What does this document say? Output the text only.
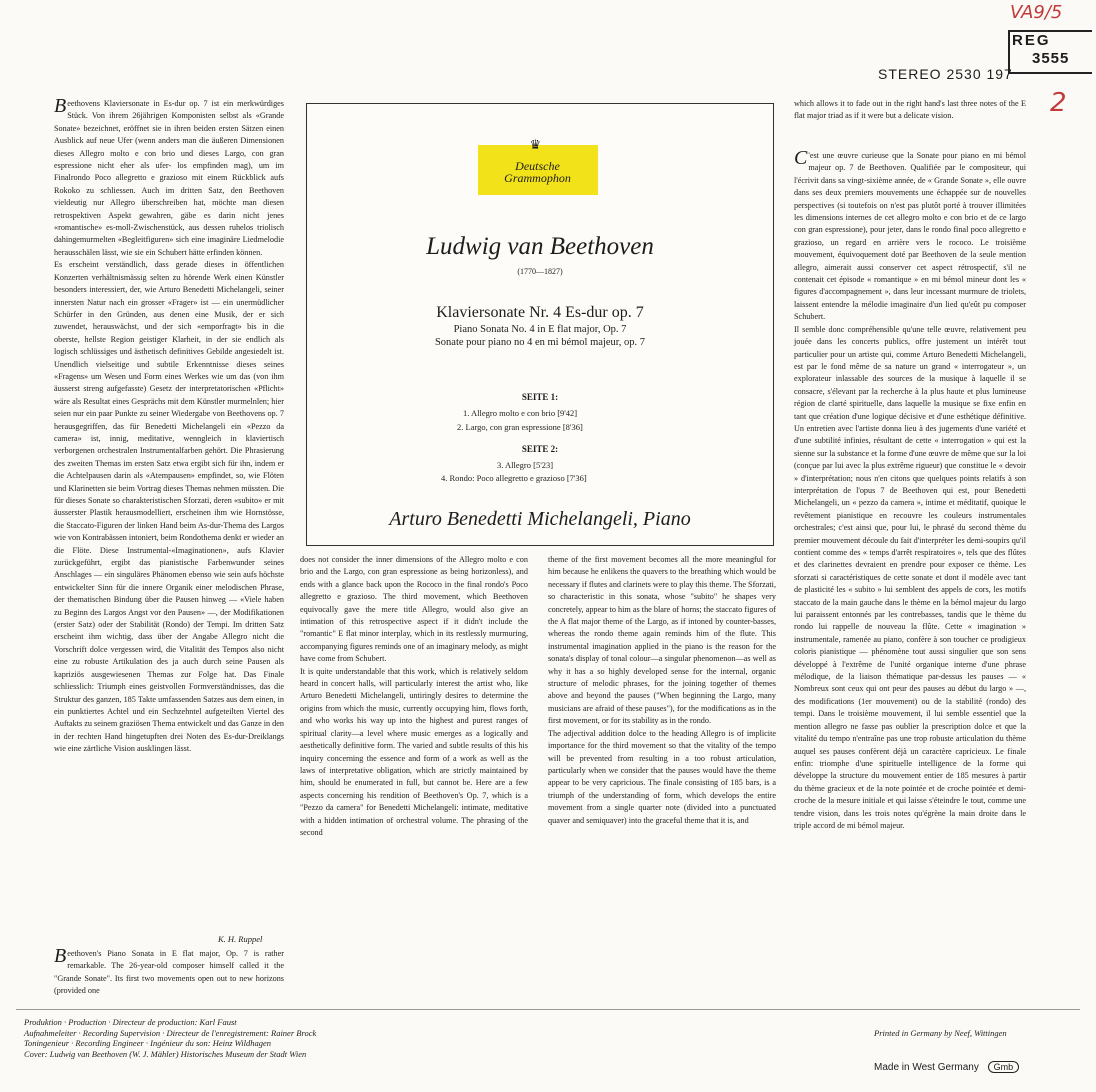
VA9/5
2
REG
3555
STEREO 2530 197

Beethovens Klaviersonate in Es-dur op. 7 ist ein merkwürdiges Stück. Von ihrem 26jährigen Komponisten selbst als «Grande Sonate» bezeichnet, eröffnet sie in ihren beiden ersten Sätzen einen Ausblick auf neue Ufer (wenn anders man die äußeren Dimensionen dieses Allegro molto e con brio und dieses Largo, con gran espressione nicht eher als ufer- los empfinden mag), um im Finalrondo Poco allegretto e grazioso mit einem Rückblick aufs Rokoko zu schliessen. Auch im dritten Satz, den Beethoven vieldeutig nur Allegro überschreiben hat, möchte man diesen retrospektiven Aspekt gewahren, gäbe es darin nicht jenes «romantische» es-moll-Zwischenstück, aus dessen ruhelos triolisch dahingemurmelten «Begleitfiguren» sich eine imaginäre Liedmelodie herausschälen lässt, wie sie ein Schubert hätte erfinden können.

Es erscheint verständlich, dass gerade dieses in öffentlichen Konzerten verhältnismässig selten zu hörende Werk einen Künstler besonders interessiert, der, wie Arturo Benedetti Michelangeli, seiner innersten Natur nach ein grosser «Frager» ist — ein unermüdlicher Schürfer in den Gründen, aus denen eine Musik, der er sich zuwendet, herauswächst, und der sich «emporfragt» bis in die oberste, hellste Region geistiger Klarheit, in der sie endlich als logisch schlüssiges und ästhetisch definitives Gebilde angesiedelt ist. Unendlich vielseitige und subtile Erkenntnisse dieses seines «Fragens» um Wesen und Form eines Werkes wie um das (von ihm äusserst streng aufgefasste) Gesetz der interpretatorischen «Pflicht» wäre als Resultat eines Gesprächs mit dem Künstler murmelnlen; hier seien nur ein paar Punkte zu seiner Wiedergabe von Beethovens op. 7 herausgegriffen, das für Benedetti Michelangeli ein «Pezzo da camera» ist, innig, meditative, wenngleich in klaviertisch verborgenen orchestralen Instrumentalfarben gehört. Die Phrasierung des zweiten Themas im ersten Satz etwa ergibt sich für ihn, indem er die Achtelpausen darin als «Atempausen» empfindet, so, wie Flöten und Klarinetten sie beim Vortrag dieses Themas nehmen müssten. Die für dieses Sonate so charakteristischen Sforzati, deren «subito» er mit äusserster Plastik herausmodelliert, erscheinen ihm wie Hornstösse, die Staccato-Figuren der linken Hand beim As-dur-Thema des Largos wie von Kontrabässen intoniert, beim Rondothema denkt er wieder an die Flöte. Diese Instrumental-«Imaginationen», aufs Klavier zurückgeführt, ergibt das pianistische Farbenwunder seines Anschlages — ein singuläres Phänomen ebenso wie sein aufs höchste entwickelter Sinn für die innere Organik einer melodischen Phrase, der thematischen Bindung über die Pausen hinweg — «Viele haben zu Beginn des Largos Angst vor den Pausen» —, der Modifikationen (erster Satz) oder der Stabilität (Rondo) der Tempi. Im dritten Satz erscheint ihm wichtig, dass über der Angabe Allegro nicht die Vorschrift dolce vergessen wird, die Vitalität des Tempos also nicht eine zu robuste Artikulation des ja auch durch seine Pausen als kapriziös ausgewiesenen Themas zur Folge hat. Das Finale schliesslich: Triumph eines geistvollen Formverständnisses, das die Struktur des ganzen, 185 Takte umfassenden Satzes aus dem einen, in ein punktiertes Achtel und ein Sechzehntel aufgeteilten Viertel des Auftakts zu seinem graziösen Thema entwickelt und das Ganze in den in der rechten Hand hingetupften drei Noten des Es-dur-Dreiklangs wie eine zärtliche Vision ausklingen lässt.

K. H. Ruppel

Beethoven's Piano Sonata in E flat major, Op. 7 is rather remarkable. The 26-year-old composer himself called it the "Grande Sonate". Its first two movements open out to new horizons (provided one

does not consider the inner dimensions of the Allegro molto e con brio and the Largo, con gran espressione as being horizonless), and ends with a glance back upon the Rococo in the final rondo's Poco allegretto e grazioso. The third movement, which Beethoven equivocally gave the mere title Allegro, would also give an intimation of this retrospective aspect if it didn't include the "romantic" E flat minor interplay, which in its restlessly murmuring, accompanying figures reminds one of an imaginary melody, as might have come from Schubert.
It is quite understandable that this work, which is relatively seldom heard in concert halls, will particularly interest the artist who, like Arturo Benedetti Michelangeli, untiringly desires to determine the origins from which the music, currently occupying him, flows forth, and who works his way up into the highest and purest ranges of spiritual clarity—a level where music emerges as a logically and aesthetically definitive form. The varied and subtle results of this his inquiry concerning the essence and form of a work as well as the laws of interpretative obligation, which are strictly maintained by him, should be enumerated in full, but cannot be. Here are a few aspects concerning his rendition of Beethoven's Op. 7, which is a "Pezzo da camera" for Benedetti Michelangeli: intimate, meditative with a hidden intimation of orchestral volume. The phrasing of the second
theme of the first movement becomes all the more meaningful for him because he enlikens the quavers to the breathing which would be necessary if flutes and clarinets were to play this theme. The Sforzati, so characteristic in this sonata, whose "subito" he shapes very concretely, appear to him as the blare of horns; the staccato figures of the A flat major theme of the Largo, as if intoned by counter-basses, whereas the rondo theme again reminds him of the flute. This instrumental imagination applied in the piano is the reason for the sonata's display of tonal colour—a singular phenomenon—as well as why it has a so highly developed sense for the internal, organic structure of melodic phrases, for the joining together of themes above and beyond the pauses ("When beginning the Largo, many musicians are afraid of these pauses"), for the modifications as in the first movement, or for its stability as in the rondo.
The adjectival addition dolce to the heading Allegro is of implicite importance for the third movement so that the vitality of the tempo will be prevented from resulting in a too robust articulation, particularly when we consider that the pauses would have the theme appear to be very capricious. The finale consisting of 185 bars, is a triumph of the understanding of form, which develops the entire movement from a single quarter note (divided into a punctuated quaver and semiquaver) into the graceful theme that it is, and
which allows it to fade out in the right hand's last three notes of the E flat major triad as if it were but a delicate vision.

C 'est une œuvre curieuse que la Sonate pour piano en mi bémol majeur op. 7 de Beethoven. Qualifiée par le compositeur, qui l'écrivit dans sa vingt-sixième année, de « Grande Sonate », elle ouvre dans ses deux premiers mouvements une échappée sur de nouvelles perspectives (si toutefois on n'est pas plutôt porté à trouver illimitées les dimensions internes de cet allegro molto e con brio et de ce largo con gran espressione), pour jeter, dans le rondo final poco allegretto e grazioso, un regard en arrière vers le rococo. Le troisième mouvement, équivoquement doté par Beethoven de la seule mention allegro, aimerait aussi conserver cet aspect rétrospectif, s'il ne contenait cet épisode « romantique » en mi bémol mineur dont les « figures d'accompagnement », dans leur incessant murmure de triolets, laissent entendre la mélodie imaginaire d'un lied qu'eût pu composer Schubert.

Il semble donc compréhensible qu'une telle œuvre, relativement peu jouée dans les concerts publics, offre justement un intérêt tout particulier pour un artiste qui, comme Arturo Benedetti Michelangeli, est par le fond même de sa nature un grand « interrogateur », un explorateur inlassable des sources de la musique à laquelle il se consacre, s'élevant par la recherche à la plus haute et plus lumineuse région de clarté spirituelle, dans laquelle la musique se fixe enfin en tant que création d'une logique décisive et d'une esthétique définitive. Un entretien avec l'artiste donna lieu à des jugements d'une variété et d'une subtilité infinies, résultant de cette « interrogation » qui est la sienne sur la substance et la forme d'une œuvre de même que sur la loi (conçue par lui avec la plus extrême rigueur) que constitue le « devoir » d'interprétation; nous n'en citons que quelques points relatifs à son interprétation de l'opus 7 de Beethoven qui est, pour Benedetti Michelangeli, un « pezzo da camera », intime et méditatif, quoique le revêtement pianistique en recouvre les couleurs instrumentales orchestrales; c'est ainsi que, pour lui, le phrasé du second thème du premier mouvement découle du fait d'interpréter les demi-soupirs qu'il contient comme des « temps d'arrêt respiratoires », tels que des flûtes et des clarinettes devraient en prendre pour exposer ce thème. Les sforzati si caractéristiques de cette sonate et dont il modèle avec tant de plasticité les « subito » lui semblent des appels de cors, les motifs staccato de la main gauche dans le thème en la bémol majeur du largo lui paraissent entonnés par les contrebasses, tandis que le thème du rondo lui rappelle de nouveau la flûte. Cette « imagination » instrumentale, ramenée au piano, confère à son toucher ce prodigieux coloris pianistique — phénomène tout aussi singulier que son sens développé à l'extrême de l'unité organique interne d'une phrase mélodique, de la liaison thématique par-dessus les pauses — « Nombreux sont ceux qui ont peur des pauses au début du largo » —, des modifications (1er mouvement) ou de la stabilité (rondo) des tempi. Dans le troisième mouvement, il lui semble essentiel que la mention allegro ne fasse pas oublier la prescription dolce et que la vitalité du tempo n'entraîne pas une trop robuste articulation du thème auquel ses pauses confèrent déjà un caractère capricieux. Le finale enfin: triomphe d'une spirituelle intelligence de la forme qui développe la structure du mouvement entier de 185 mesures à partir du thème gracieux et de la note pointée et de croche pointée et demi-croche de la mesure initiale et qui laisse s'éteindre le tout, comme une tendre vision, dans les trois notes qu'égrène la main droite dans le triple accord de mi bémol majeur.

♛
Deutsche
Grammophon
Ludwig van Beethoven
(1770—1827)
Klaviersonate Nr. 4 Es-dur op. 7
Piano Sonata No. 4 in E flat major, Op. 7
Sonate pour piano no 4 en mi bémol majeur, op. 7
SEITE 1:
1. Allegro molto e con brio [9'42]
2. Largo, con gran espressione [8'36]
SEITE 2:
3. Allegro [5'23]
4. Rondo: Poco allegretto e grazioso [7'36]
Arturo Benedetti Michelangeli, Piano
Produktion · Production · Directeur de production: Karl Faust
Aufnahmeleiter · Recording Supervision · Directeur de l'enregistrement: Rainer Brock
Toningenieur · Recording Engineer · Ingénieur du son: Heinz Wildhagen
Cover: Ludwig van Beethoven (W. J. Mähler) Historisches Museum der Stadt Wien
Printed in Germany by Neef, Wittingen
Made in West Germany Gmb
